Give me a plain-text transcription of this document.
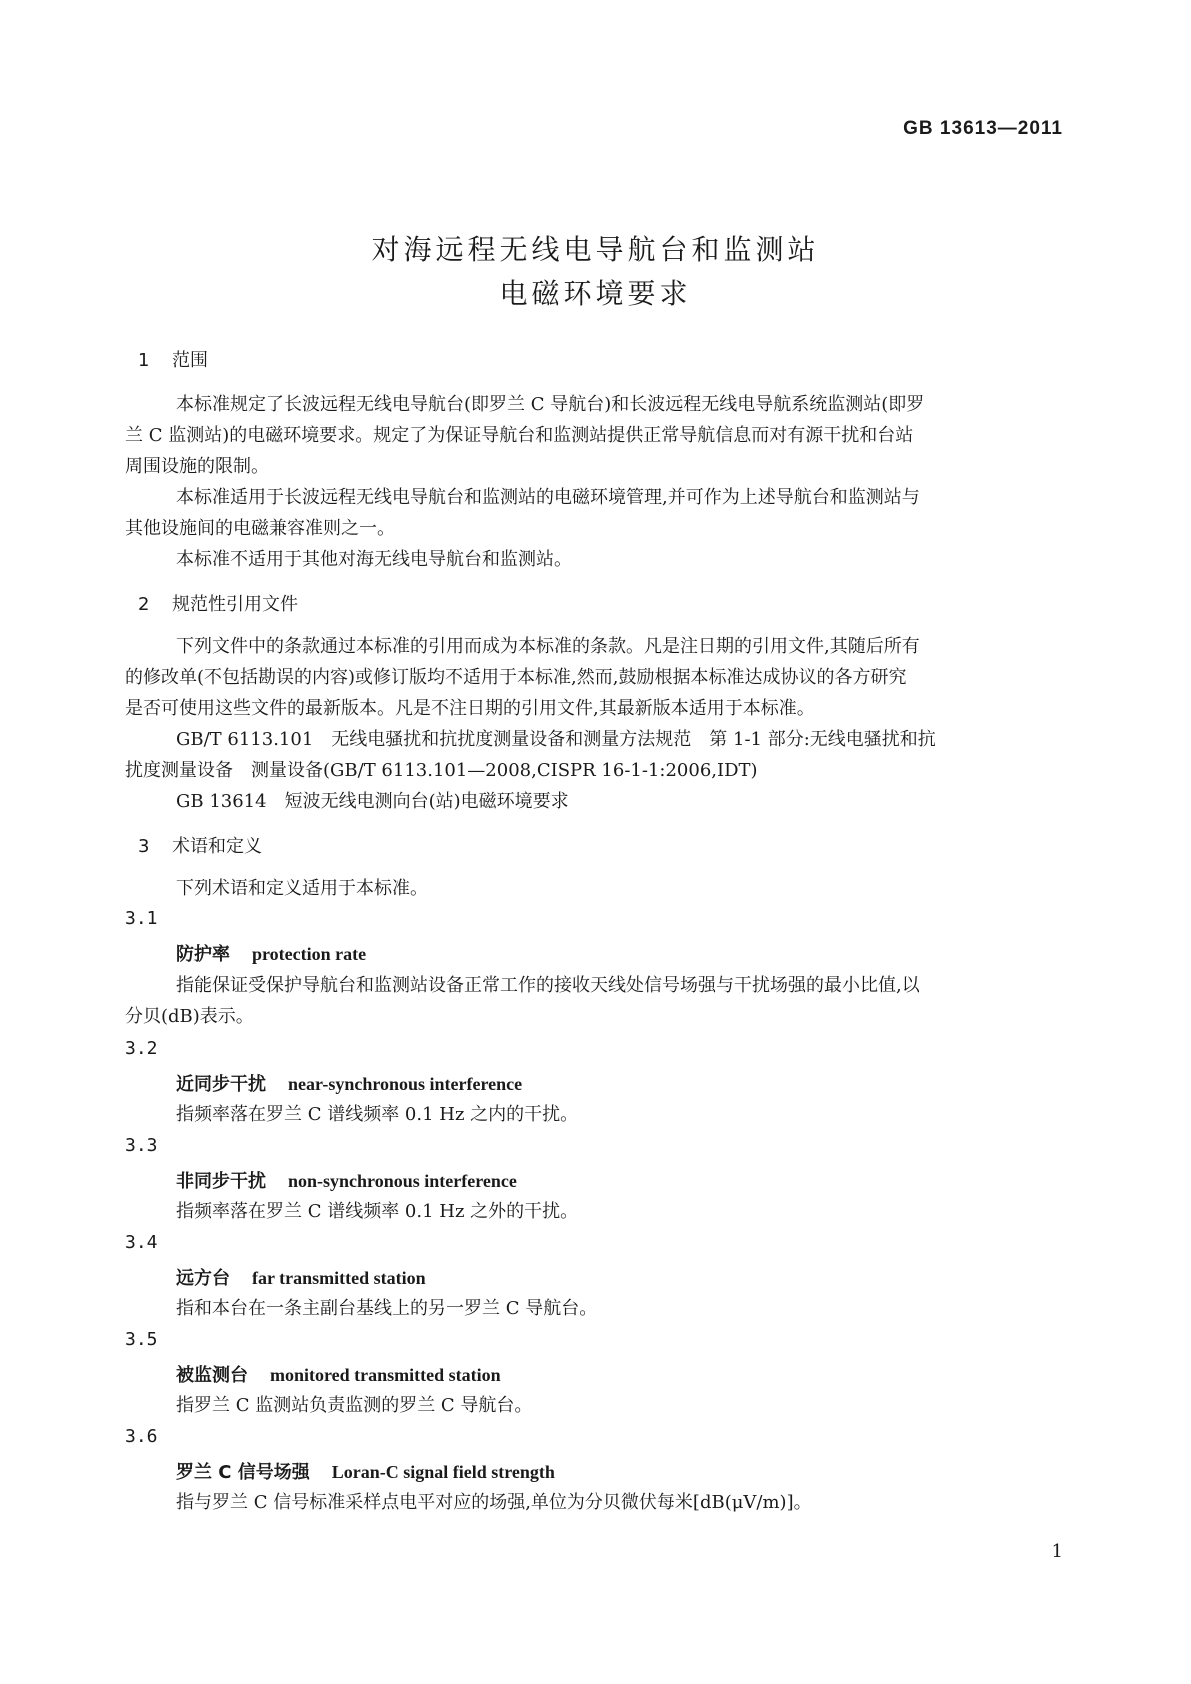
GB 13613—2011
对海远程无线电导航台和监测站
电磁环境要求
1 范围
本标准规定了长波远程无线电导航台(即罗兰 C 导航台)和长波远程无线电导航系统监测站(即罗
兰 C 监测站)的电磁环境要求。规定了为保证导航台和监测站提供正常导航信息而对有源干扰和台站
周围设施的限制。
本标准适用于长波远程无线电导航台和监测站的电磁环境管理,并可作为上述导航台和监测站与
其他设施间的电磁兼容准则之一。
本标准不适用于其他对海无线电导航台和监测站。
2 规范性引用文件
下列文件中的条款通过本标准的引用而成为本标准的条款。凡是注日期的引用文件,其随后所有
的修改单(不包括勘误的内容)或修订版均不适用于本标准,然而,鼓励根据本标准达成协议的各方研究
是否可使用这些文件的最新版本。凡是不注日期的引用文件,其最新版本适用于本标准。
GB/T 6113.101　无线电骚扰和抗扰度测量设备和测量方法规范　第 1-1 部分:无线电骚扰和抗
扰度测量设备　测量设备(GB/T 6113.101—2008,CISPR 16-1-1:2006,IDT)
GB 13614　短波无线电测向台(站)电磁环境要求
3 术语和定义
下列术语和定义适用于本标准。
3.1
防护率 protection rate
指能保证受保护导航台和监测站设备正常工作的接收天线处信号场强与干扰场强的最小比值,以
分贝(dB)表示。
3.2
近同步干扰 near-synchronous interference
指频率落在罗兰 C 谱线频率 0.1 Hz 之内的干扰。
3.3
非同步干扰 non-synchronous interference
指频率落在罗兰 C 谱线频率 0.1 Hz 之外的干扰。
3.4
远方台 far transmitted station
指和本台在一条主副台基线上的另一罗兰 C 导航台。
3.5
被监测台 monitored transmitted station
指罗兰 C 监测站负责监测的罗兰 C 导航台。
3.6
罗兰 C 信号场强 Loran-C signal field strength
指与罗兰 C 信号标准采样点电平对应的场强,单位为分贝微伏每米[dB(μV/m)]。
1
